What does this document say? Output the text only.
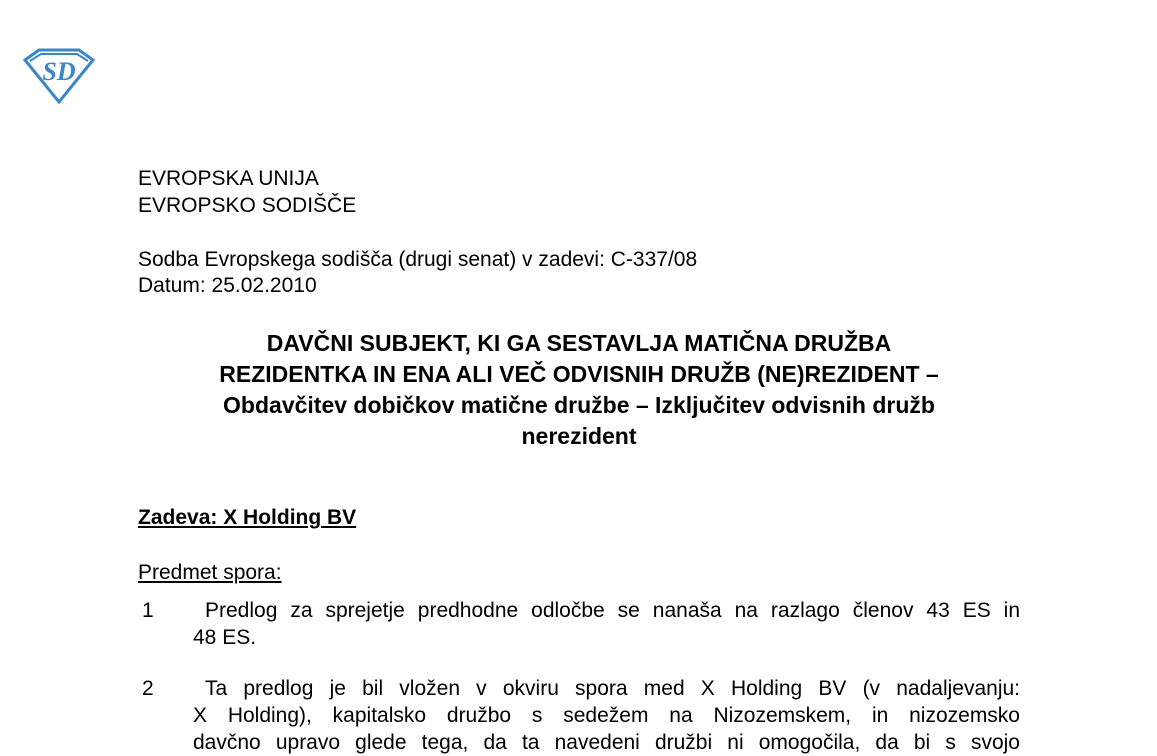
SD
EVROPSKA UNIJA
EVROPSKO SODIŠČE
Sodba Evropskega sodišča (drugi senat) v zadevi: C-337/08
Datum: 25.02.2010
DAVČNI SUBJEKT, KI GA SESTAVLJA MATIČNA DRUŽBA
REZIDENTKA IN ENA ALI VEČ ODVISNIH DRUŽB (NE)REZIDENT –
Obdavčitev dobičkov matične družbe – Izključitev odvisnih družb
nerezident
Zadeva: X Holding BV
Predmet spora:
1	Predlog za sprejetje predhodne odločbe se nanaša na razlago členov 43 ES in
48 ES.
2	Ta predlog je bil vložen v okviru spora med X Holding BV (v nadaljevanju:
X Holding), kapitalsko družbo s sedežem na Nizozemskem, in nizozemsko
davčno upravo glede tega, da ta navedeni družbi ni omogočila, da bi s svojo
